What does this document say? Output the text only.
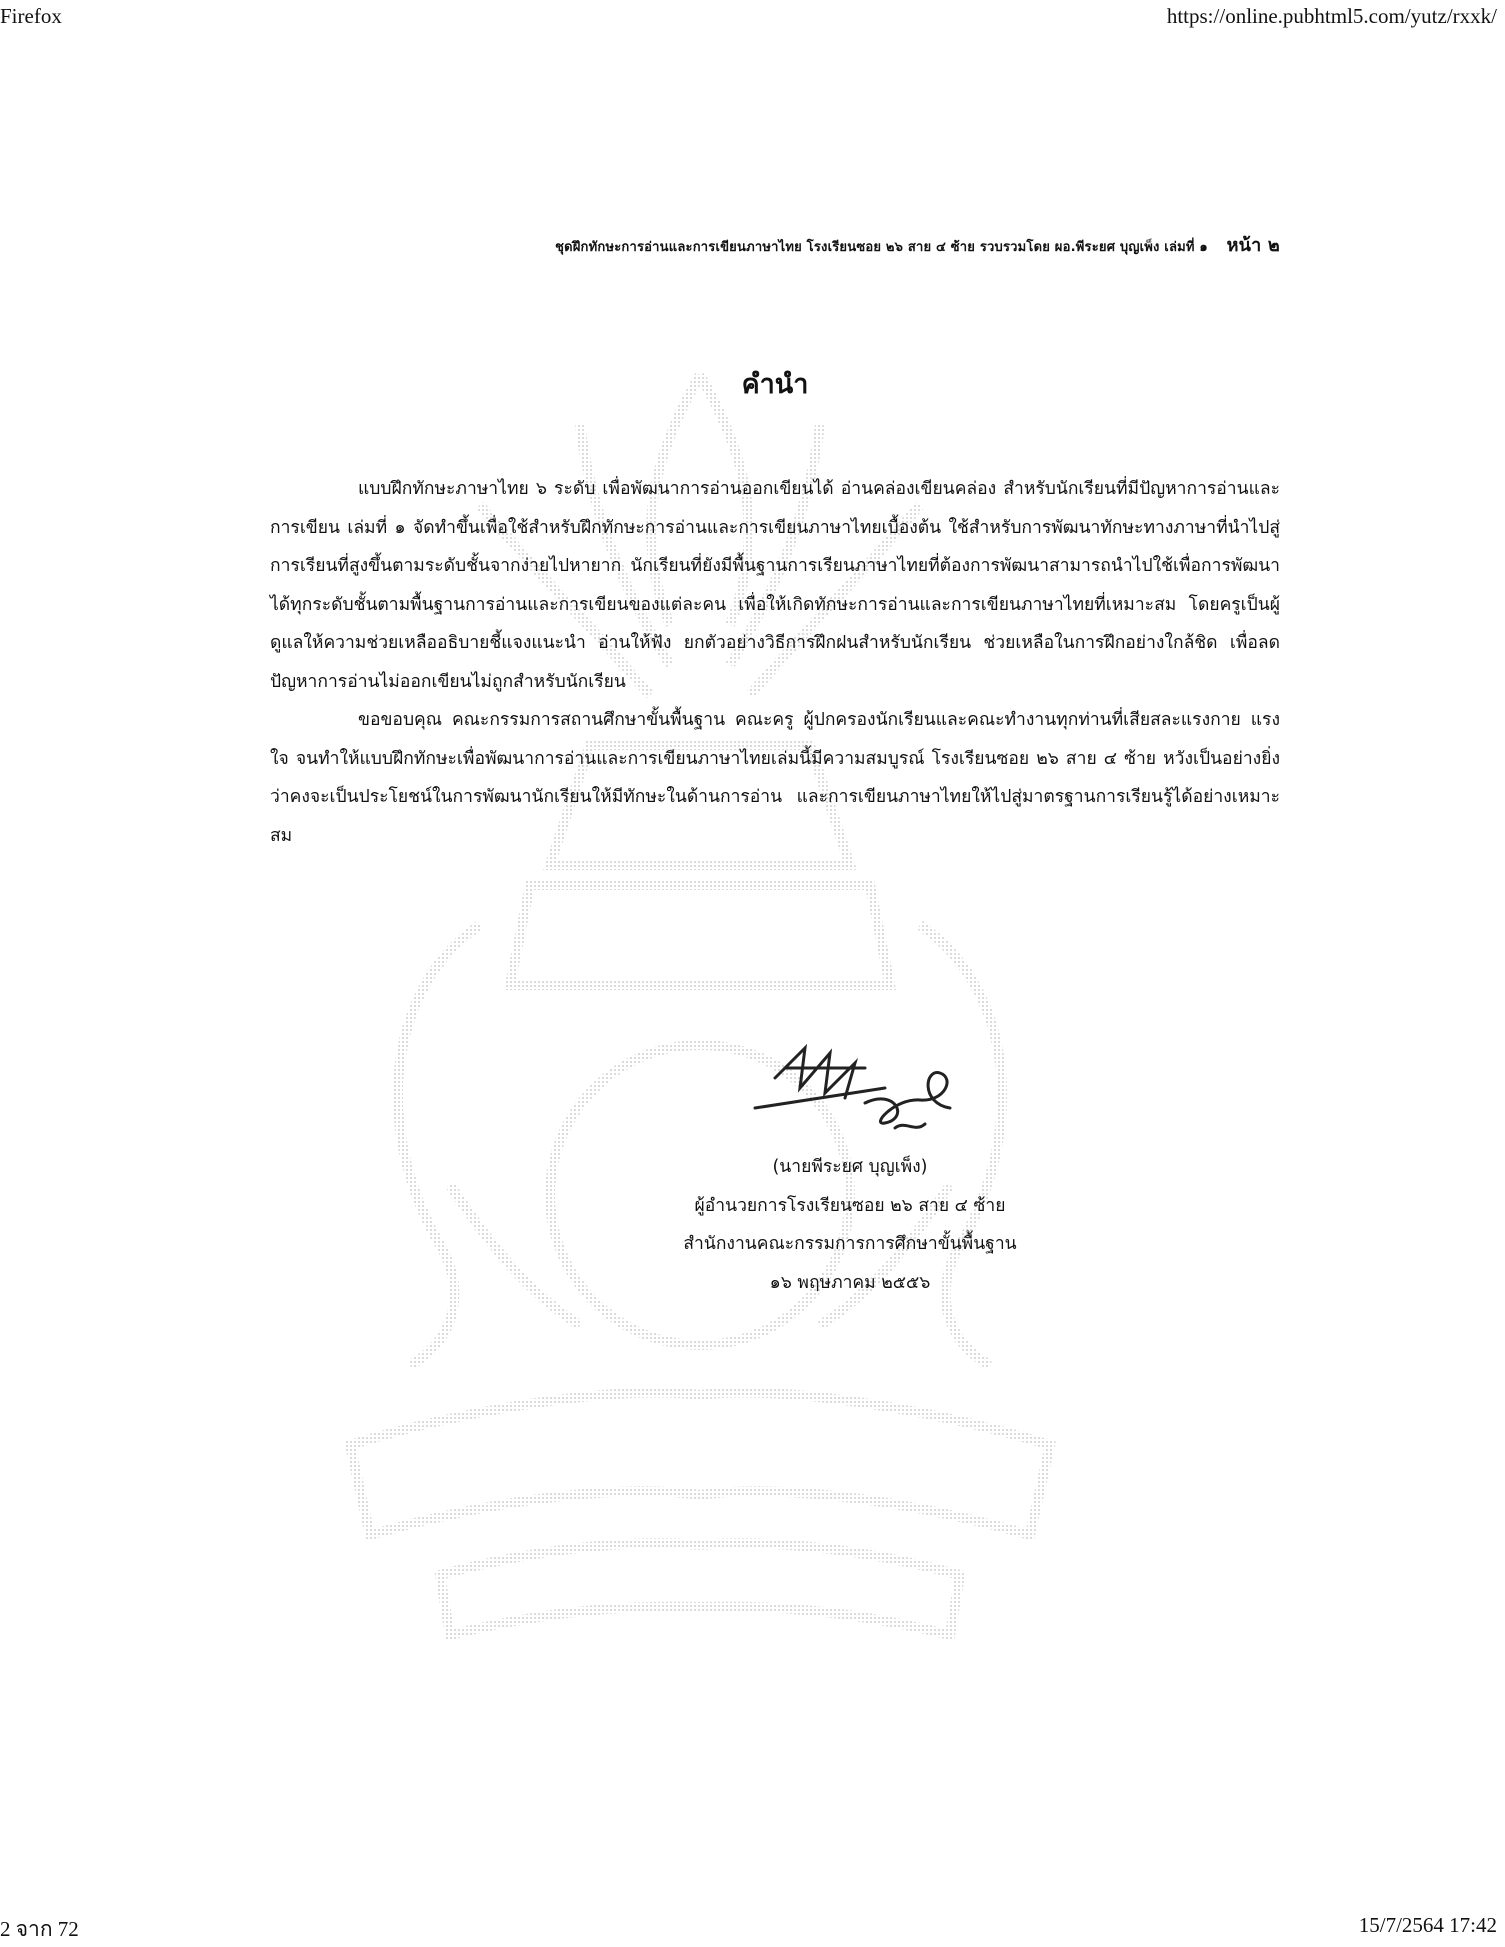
Firefox	https://online.pubhtml5.com/yutz/rxxk/
ชุดฝึกทักษะการอ่านและการเขียนภาษาไทย โรงเรียนซอย ๒๖ สาย ๔ ซ้าย รวบรวมโดย ผอ.พีระยศ บุญเพ็ง เล่มที่ ๑ หน้า ๒
คำนำ

แบบฝึกทักษะภาษาไทย ๖ ระดับ เพื่อพัฒนาการอ่านออกเขียนได้ อ่านคล่องเขียนคล่อง สำหรับนักเรียนที่มีปัญหาการอ่านและการเขียน เล่มที่ ๑ จัดทำขึ้นเพื่อใช้สำหรับฝึกทักษะการอ่านและการเขียนภาษาไทยเบื้องต้น ใช้สำหรับการพัฒนาทักษะทางภาษาที่นำไปสู่การเรียนที่สูงขึ้นตามระดับชั้นจากง่ายไปหายาก นักเรียนที่ยังมีพื้นฐานการเรียนภาษาไทยที่ต้องการพัฒนาสามารถนำไปใช้เพื่อการพัฒนาได้ทุกระดับชั้นตามพื้นฐานการอ่านและการเขียนของแต่ละคน เพื่อให้เกิดทักษะการอ่านและการเขียนภาษาไทยที่เหมาะสม โดยครูเป็นผู้ดูแลให้ความช่วยเหลืออธิบายชี้แจงแนะนำ อ่านให้ฟัง ยกตัวอย่างวิธีการฝึกฝนสำหรับนักเรียน ช่วยเหลือในการฝึกอย่างใกล้ชิด เพื่อลดปัญหาการอ่านไม่ออกเขียนไม่ถูกสำหรับนักเรียน

ขอขอบคุณ คณะกรรมการสถานศึกษาขั้นพื้นฐาน คณะครู ผู้ปกครองนักเรียนและคณะทำงานทุกท่านที่เสียสละแรงกาย แรงใจ จนทำให้แบบฝึกทักษะเพื่อพัฒนาการอ่านและการเขียนภาษาไทยเล่มนี้มีความสมบูรณ์ โรงเรียนซอย ๒๖ สาย ๔ ซ้าย หวังเป็นอย่างยิ่งว่าคงจะเป็นประโยชน์ในการพัฒนานักเรียนให้มีทักษะในด้านการอ่าน และการเขียนภาษาไทยให้ไปสู่มาตรฐานการเรียนรู้ได้อย่างเหมาะสม

(นายพีระยศ บุญเพ็ง)
ผู้อำนวยการโรงเรียนซอย ๒๖ สาย ๔ ซ้าย
สำนักงานคณะกรรมการการศึกษาขั้นพื้นฐาน
๑๖ พฤษภาคม ๒๕๕๖
2 จาก 72	15/7/2564 17:42
